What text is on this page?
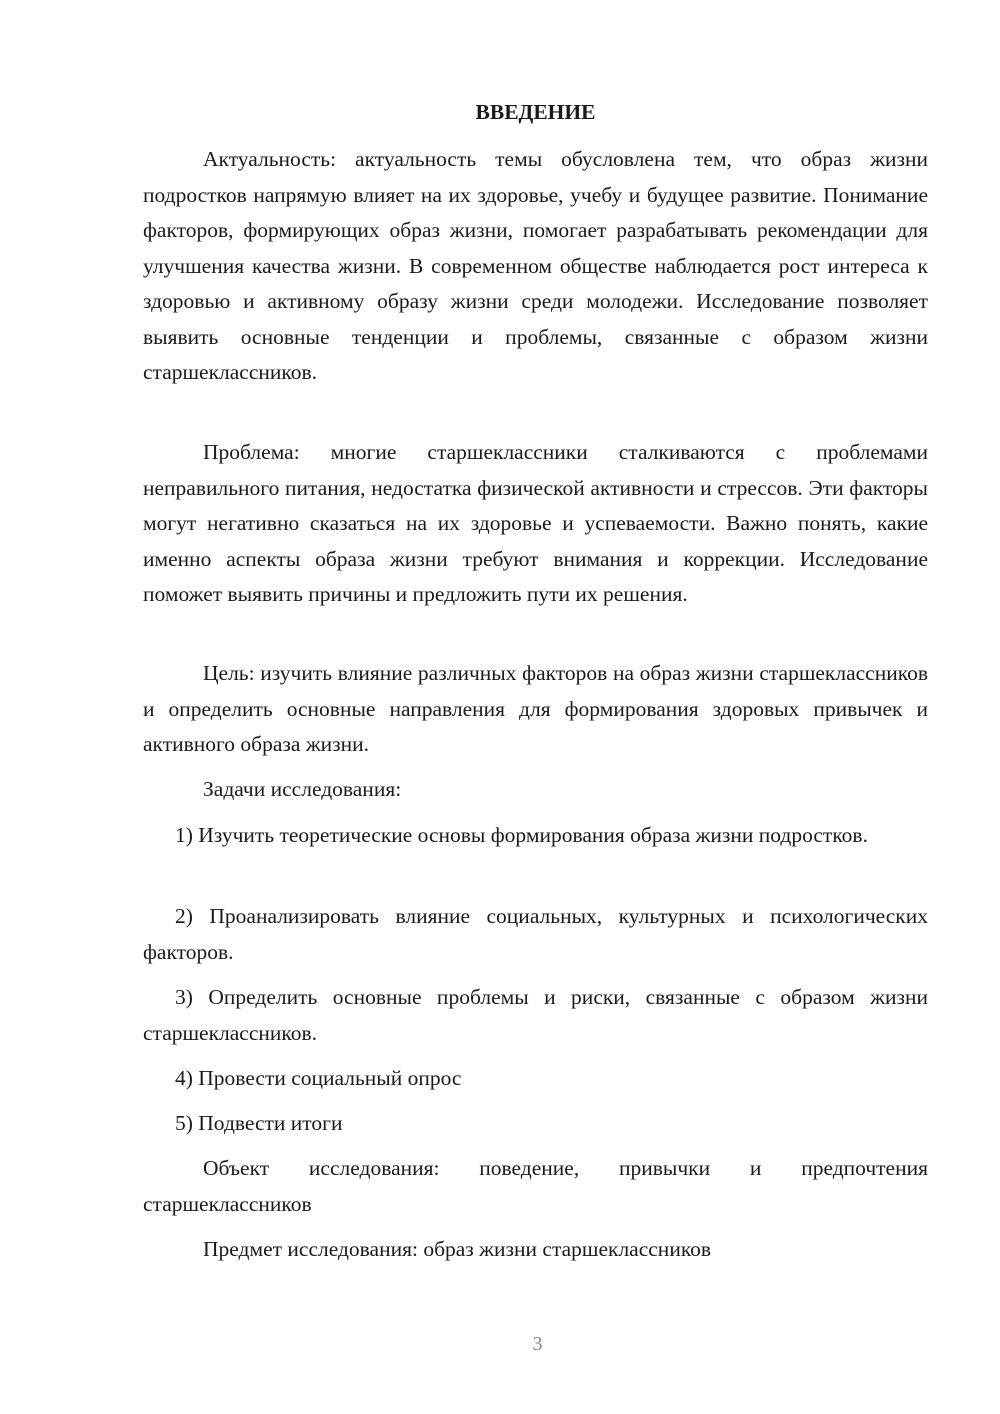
ВВЕДЕНИЕ

Актуальность: актуальность темы обусловлена тем, что образ жизни подростков напрямую влияет на их здоровье, учебу и будущее развитие. Понимание факторов, формирующих образ жизни, помогает разрабатывать рекомендации для улучшения качества жизни. В современном обществе наблюдается рост интереса к здоровью и активному образу жизни среди молодежи. Исследование позволяет выявить основные тенденции и проблемы, связанные с образом жизни старшеклассников.

Проблема: многие старшеклассники сталкиваются с проблемами неправильного питания, недостатка физической активности и стрессов. Эти факторы могут негативно сказаться на их здоровье и успеваемости. Важно понять, какие именно аспекты образа жизни требуют внимания и коррекции. Исследование поможет выявить причины и предложить пути их решения.

Цель: изучить влияние различных факторов на образ жизни старшеклассников и определить основные направления для формирования здоровых привычек и активного образа жизни.

Задачи исследования:

1) Изучить теоретические основы формирования образа жизни подростков.

2) Проанализировать влияние социальных, культурных и психологических факторов.

3) Определить основные проблемы и риски, связанные с образом жизни старшеклассников.

4) Провести социальный опрос

5) Подвести итоги

Объект исследования: поведение, привычки и предпочтения старшеклассников

Предмет исследования: образ жизни старшеклассников

3
